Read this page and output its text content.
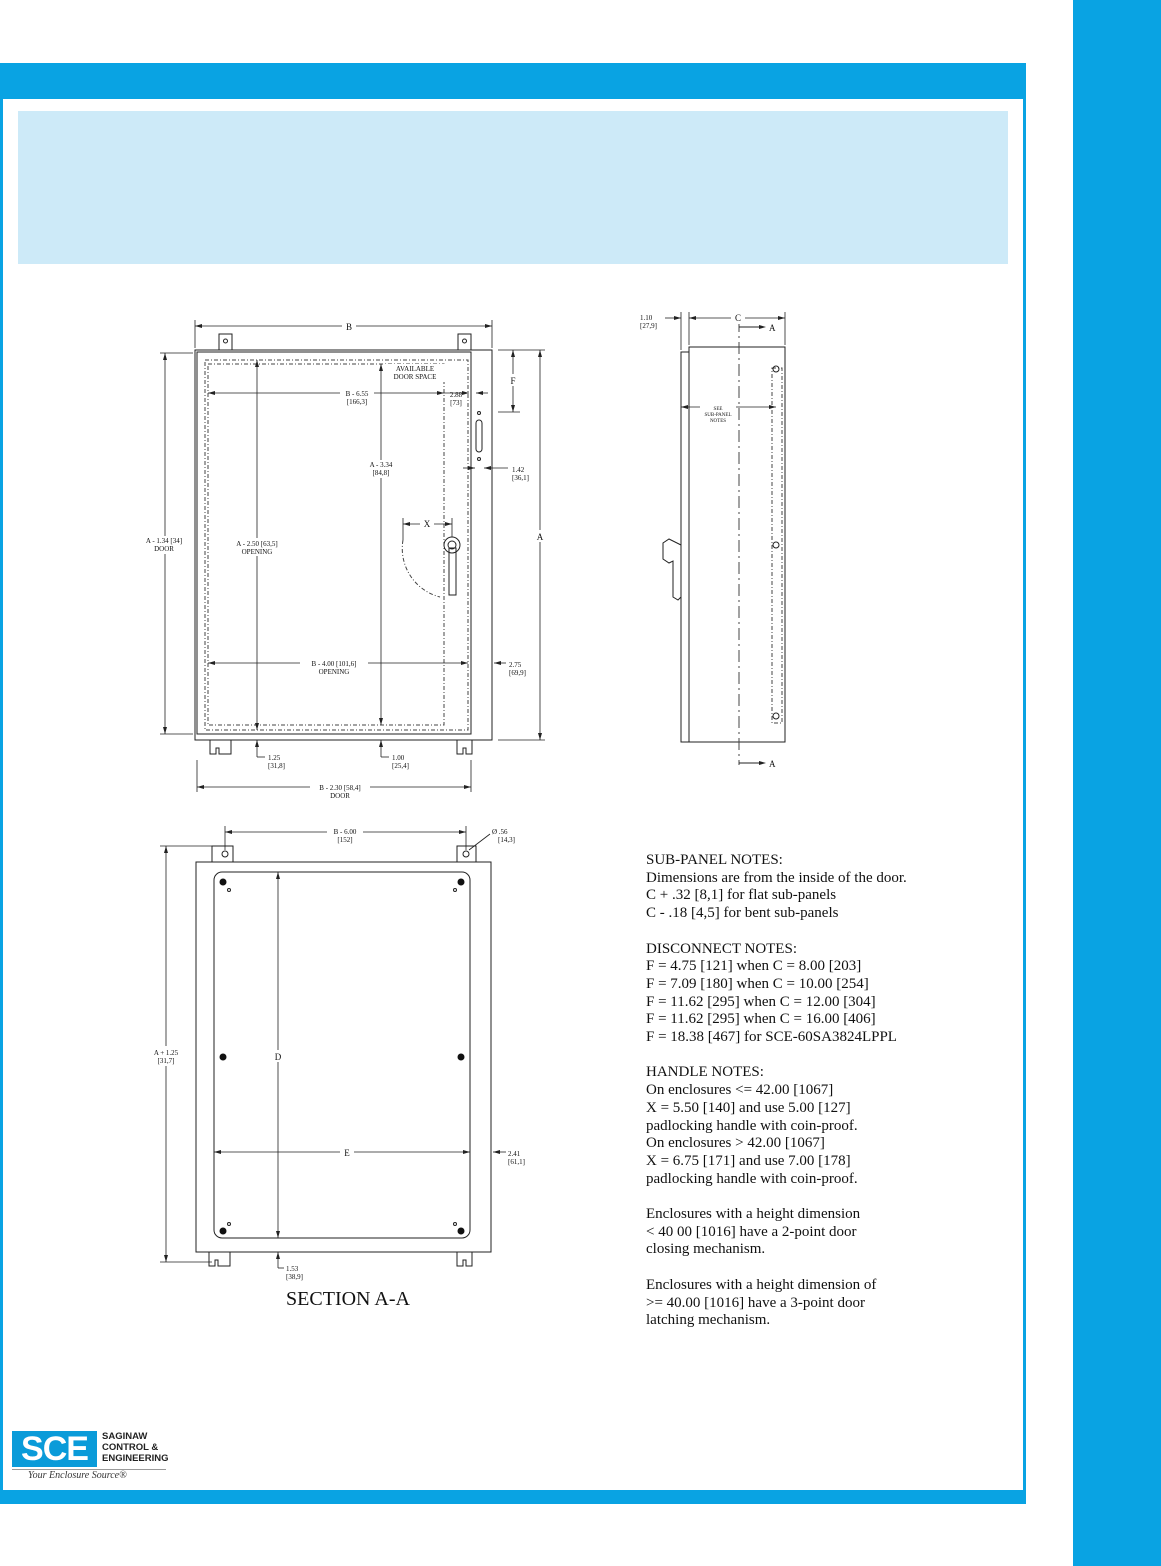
B
F
A
A - 1.34 [34]
DOOR
A - 2.50 [63,5]
OPENING
A - 3.34
[84,8]
B - 6.55
[166,3]
2.88
[73]
AVAILABLE
DOOR SPACE
1.42
[36,1]
X
B - 4.00 [101,6]
OPENING
2.75
[69,9]
1.25
[31,8]
1.00
[25,4]
B - 2.30 [58,4]
DOOR
A
A
C
1.10
[27,9]
SEE
SUB-PANEL
NOTES
B - 6.00
[152]
Ø .56
[14,3]
A + 1.25
[31,7]	D
E	2.41
[61,1]
1.53
[38,9]
SECTION A-A
SUB-PANEL NOTES:
Dimensions are from the inside of the door.
C + .32 [8,1] for flat sub-panels
C - .18 [4,5] for bent sub-panels
DISCONNECT NOTES:
F = 4.75 [121] when C = 8.00 [203]
F = 7.09 [180] when C = 10.00 [254]
F = 11.62 [295] when C = 12.00 [304]
F = 11.62 [295] when C = 16.00 [406]
F = 18.38 [467] for SCE-60SA3824LPPL
HANDLE NOTES:
On enclosures <= 42.00 [1067]
X = 5.50 [140] and use 5.00 [127]
padlocking handle with coin-proof.
On enclosures > 42.00 [1067]
X = 6.75 [171] and use 7.00 [178]
padlocking handle with coin-proof.
Enclosures with a height dimension
< 40 00 [1016] have a 2-point door
closing mechanism.
Enclosures with a height dimension of
>= 40.00 [1016] have a 3-point door
latching mechanism.
SCE	SAGINAW
CONTROL &
ENGINEERING
Your Enclosure Source®
